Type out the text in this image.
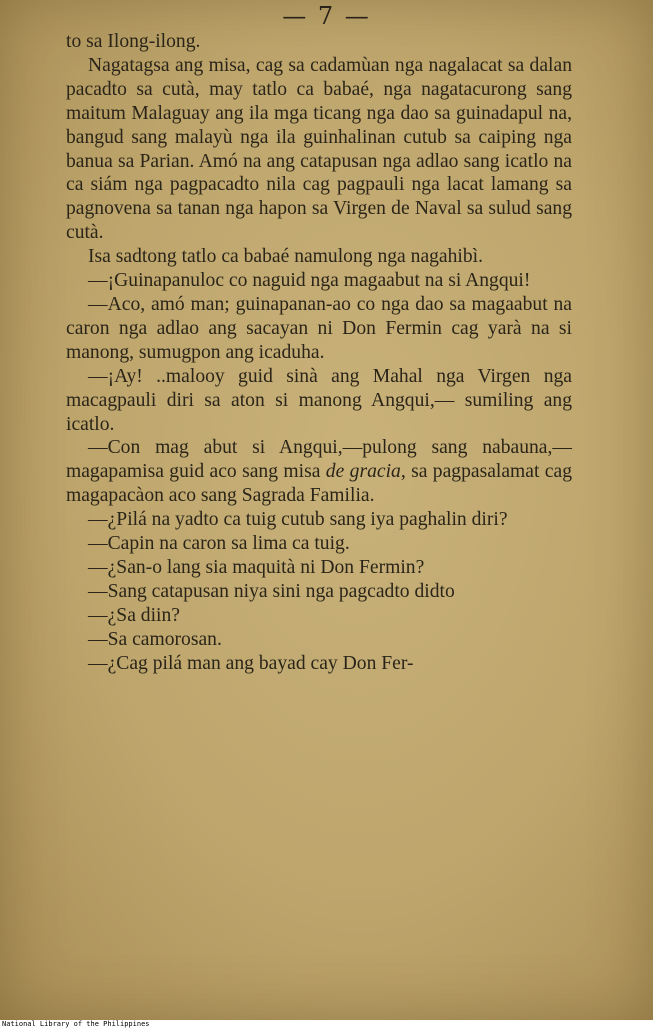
— 7 —

to sa Ilong-ilong.

Nagatagsa ang misa, cag sa cadamùan nga nagalacat sa dalan pacadto sa cutà, may tatlo ca babaé, nga nagatacurong sang maitum Malaguay ang ila mga ticang nga dao sa guinadapul na, bangud sang malayù nga ila guinhalinan cutub sa caiping nga banua sa Parian. Amó na ang catapusan nga adlao sang icatlo na ca siám nga pagpacadto nila cag pagpauli nga lacat lamang sa pagnovena sa tanan nga hapon sa Virgen de Naval sa sulud sang cutà.

Isa sadtong tatlo ca babaé namulong nga nagahibì.

—¡Guinapanuloc co naguid nga magaabut na si Angqui!

—Aco, amó man; guinapanan-ao co nga dao sa magaabut na caron nga adlao ang sacayan ni Don Fermin cag yarà na si manong, sumugpon ang icaduha.

—¡Ay! ..malooy guid sinà ang Mahal nga Virgen nga macagpauli diri sa aton si manong Angqui,— sumiling ang icatlo.

—Con mag abut si Angqui,—pulong sang nabauna,—magapamisa guid aco sang misa de gracia, sa pagpasalamat cag magapacàon aco sang Sagrada Familia.

—¿Pilá na yadto ca tuig cutub sang iya paghalin diri?

—Capin na caron sa lima ca tuig.

—¿San-o lang sia maquità ni Don Fermin?

—Sang catapusan niya sini nga pagcadto didto

—¿Sa diin?

—Sa camorosan.

—¿Cag pilá man ang bayad cay Don Fer-

National Library of the Philippines
